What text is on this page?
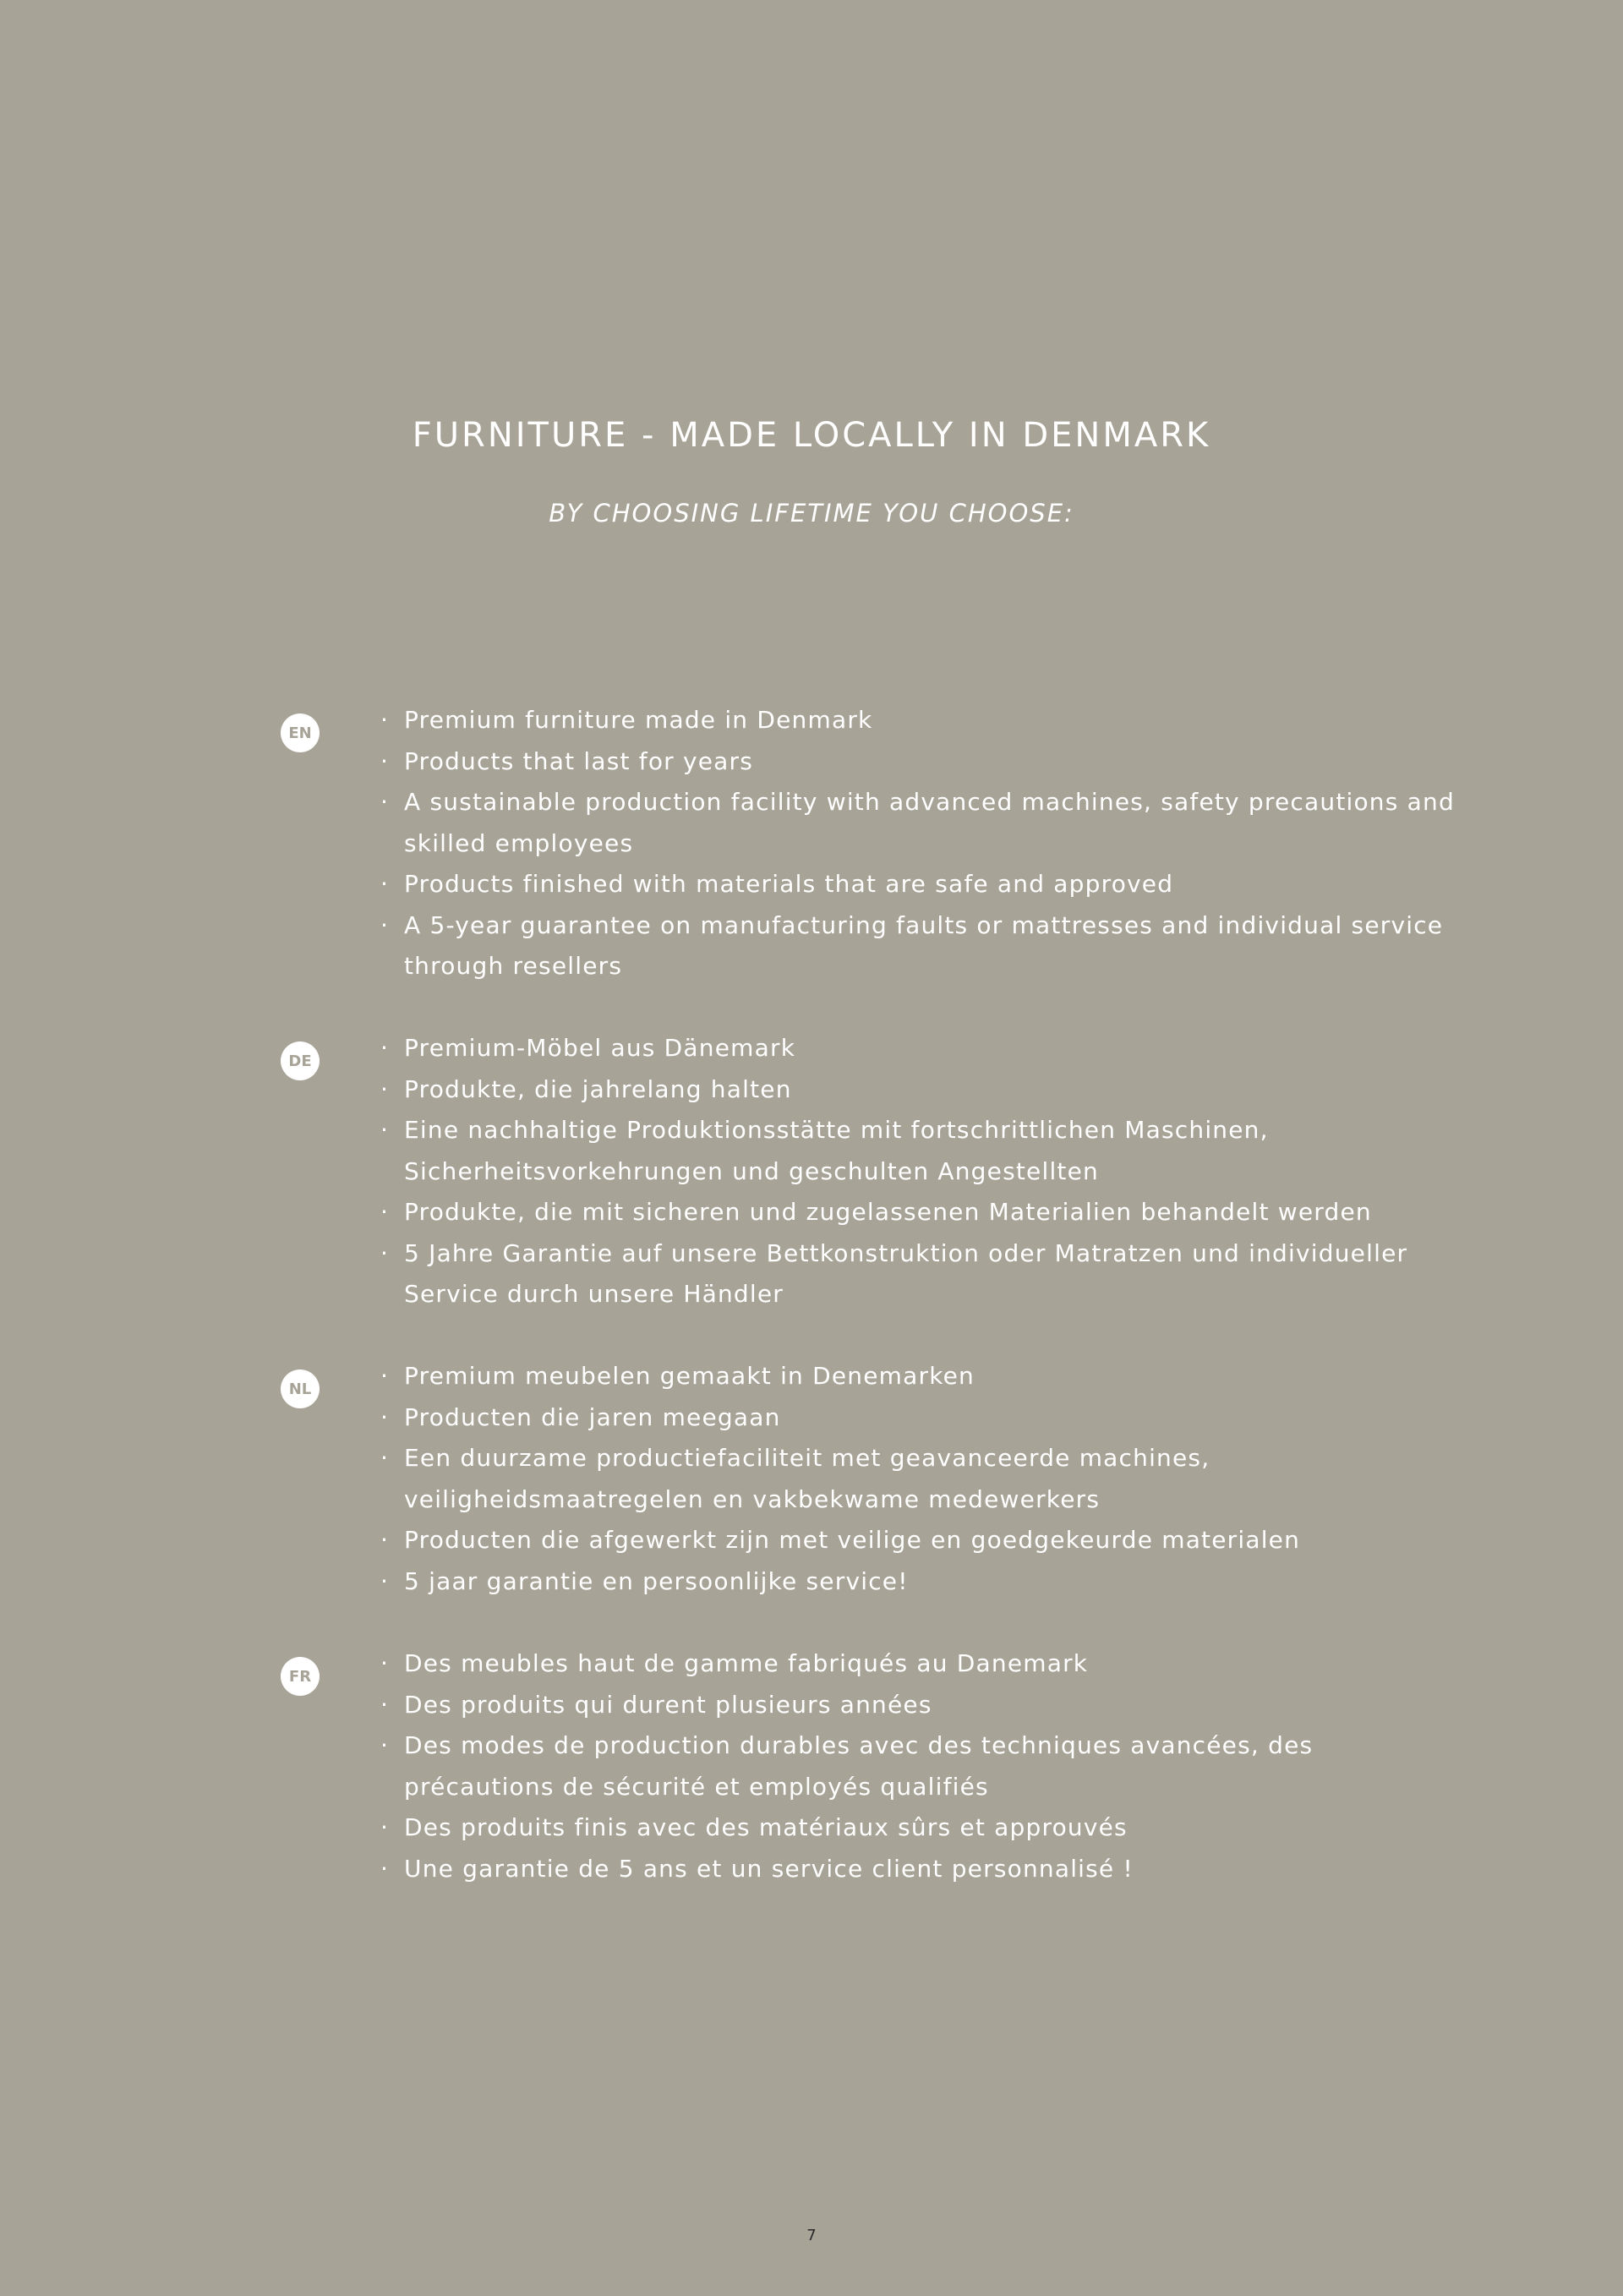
FURNITURE - MADE LOCALLY IN DENMARK

BY CHOOSING LIFETIME YOU CHOOSE:

EN	· Premium furniture made in Denmark
· Products that last for years
· A sustainable production facility with advanced machines, safety precautions and skilled employees
· Products finished with materials that are safe and approved
· A 5-year guarantee on manufacturing faults or mattresses and individual service through resellers
DE	· Premium-Möbel aus Dänemark
· Produkte, die jahrelang halten
· Eine nachhaltige Produktionsstätte mit fortschrittlichen Maschinen, Sicherheitsvorkehrungen und geschulten Angestellten
· Produkte, die mit sicheren und zugelassenen Materialien behandelt werden
· 5 Jahre Garantie auf unsere Bettkonstruktion oder Matratzen und individueller Service durch unsere Händler
NL	· Premium meubelen gemaakt in Denemarken
· Producten die jaren meegaan
· Een duurzame productiefaciliteit met geavanceerde machines, veiligheidsmaatregelen en vakbekwame medewerkers
· Producten die afgewerkt zijn met veilige en goedgekeurde materialen
· 5 jaar garantie en persoonlijke service!
FR	· Des meubles haut de gamme fabriqués au Danemark
· Des produits qui durent plusieurs années
· Des modes de production durables avec des techniques avancées, des précautions de sécurité et employés qualifiés
· Des produits finis avec des matériaux sûrs et approuvés
· Une garantie de 5 ans et un service client personnalisé !
7
